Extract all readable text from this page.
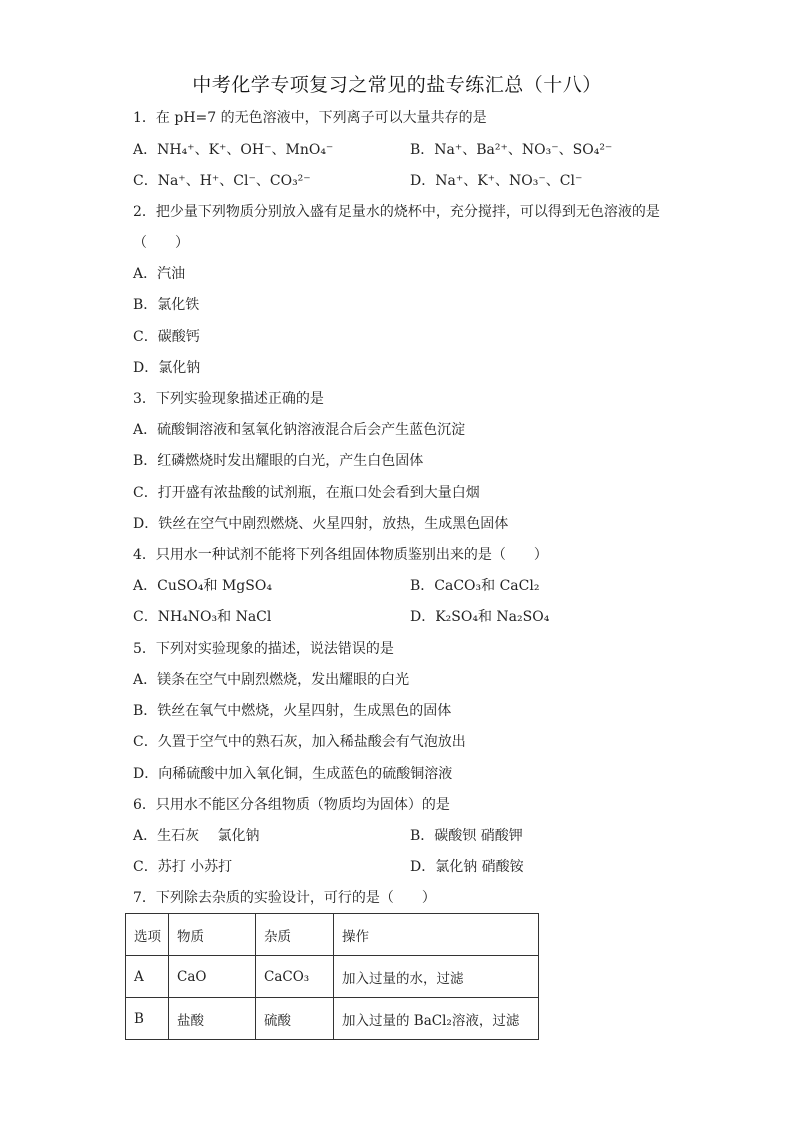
中考化学专项复习之常见的盐专练汇总（十八）
1．在 pH=7 的无色溶液中，下列离子可以大量共存的是
A．NH₄⁺、K⁺、OH⁻、MnO₄⁻	B．Na⁺、Ba²⁺、NO₃⁻、SO₄²⁻
C．Na⁺、H⁺、Cl⁻、CO₃²⁻	D．Na⁺、K⁺、NO₃⁻、Cl⁻
2．把少量下列物质分别放入盛有足量水的烧杯中，充分搅拌，可以得到无色溶液的是
（　　）
A．汽油
B．氯化铁
C．碳酸钙
D．氯化钠
3．下列实验现象描述正确的是
A．硫酸铜溶液和氢氧化钠溶液混合后会产生蓝色沉淀
B．红磷燃烧时发出耀眼的白光，产生白色固体
C．打开盛有浓盐酸的试剂瓶，在瓶口处会看到大量白烟
D．铁丝在空气中剧烈燃烧、火星四射，放热，生成黑色固体
4．只用水一种试剂不能将下列各组固体物质鉴别出来的是（　　）
A．CuSO₄和 MgSO₄	B．CaCO₃和 CaCl₂
C．NH₄NO₃和 NaCl	D．K₂SO₄和 Na₂SO₄
5．下列对实验现象的描述，说法错误的是
A．镁条在空气中剧烈燃烧，发出耀眼的白光
B．铁丝在氧气中燃烧，火星四射，生成黑色的固体
C．久置于空气中的熟石灰，加入稀盐酸会有气泡放出
D．向稀硫酸中加入氧化铜，生成蓝色的硫酸铜溶液
6．只用水不能区分各组物质（物质均为固体）的是
A．生石灰　 氯化钠	B．碳酸钡 硝酸钾
C．苏打 小苏打	D．氯化钠 硝酸铵
7．下列除去杂质的实验设计，可行的是（　　）
选项	物质	杂质	操作
A	CaO	CaCO₃	加入过量的水，过滤
B	盐酸	硫酸	加入过量的 BaCl₂溶液，过滤
